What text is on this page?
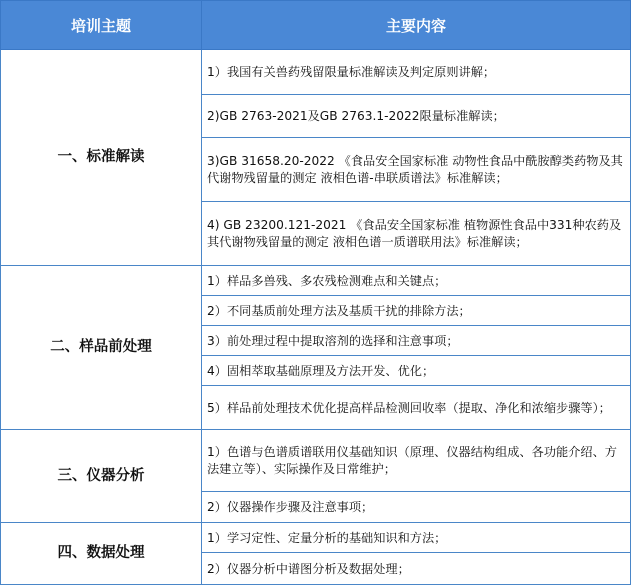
培训主题	主要内容
一、标准解读	1）我国有关兽药残留限量标准解读及判定原则讲解；
	2)GB 2763-2021及GB 2763.1-2022限量标准解读；
	3)GB 31658.20-2022 《食品安全国家标准 动物性食品中酰胺醇类药物及其代谢物残留量的测定 液相色谱-串联质谱法》标准解读；
	4) GB 23200.121-2021 《食品安全国家标准 植物源性食品中331种农药及其代谢物残留量的测定 液相色谱一质谱联用法》标准解读；
二、样品前处理	1）样品多兽残、多农残检测难点和关键点；
	2）不同基质前处理方法及基质干扰的排除方法；
	3）前处理过程中提取溶剂的选择和注意事项；
	4）固相萃取基础原理及方法开发、优化；
	5）样品前处理技术优化提高样品检测回收率（提取、净化和浓缩步骤等）；
三、仪器分析	1）色谱与色谱质谱联用仪基础知识（原理、仪器结构组成、各功能介绍、方法建立等）、实际操作及日常维护；
	2）仪器操作步骤及注意事项；
四、数据处理	1）学习定性、定量分析的基础知识和方法；
	2）仪器分析中谱图分析及数据处理；
